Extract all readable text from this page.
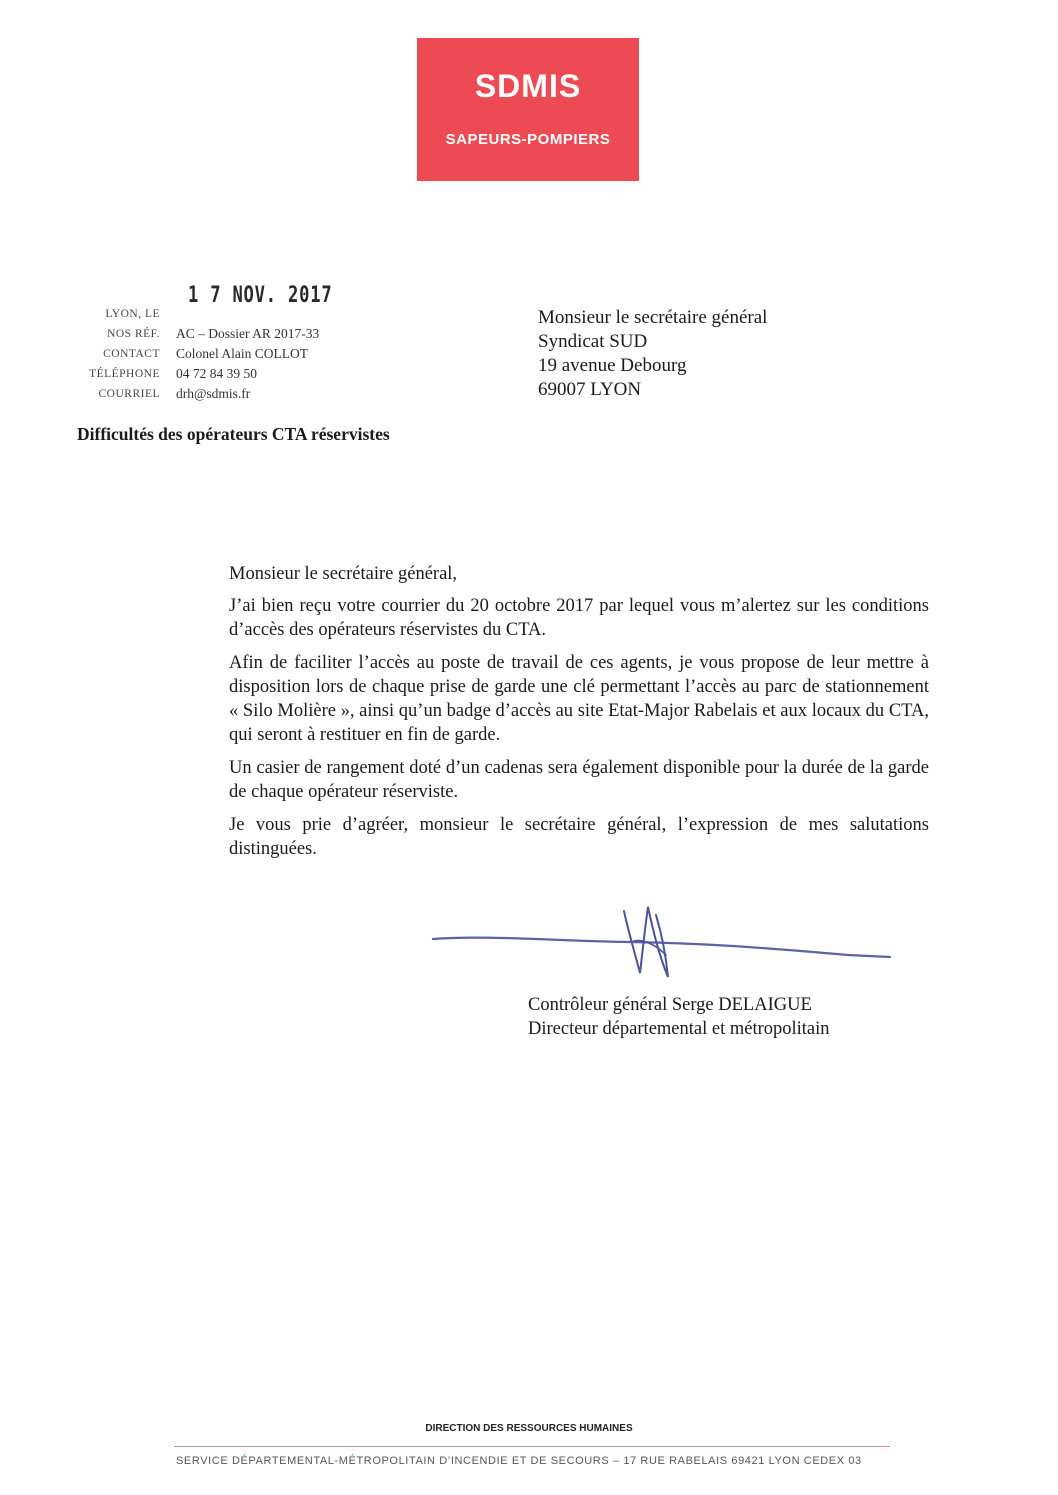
SDMIS
SAPEURS-POMPIERS
1 7 NOV. 2017
LYON, LE
NOS RÉF. AC – Dossier AR 2017-33
CONTACT Colonel Alain COLLOT
TÉLÉPHONE 04 72 84 39 50
COURRIEL drh@sdmis.fr
Monsieur le secrétaire général
Syndicat SUD
19 avenue Debourg
69007 LYON
Difficultés des opérateurs CTA réservistes

Monsieur le secrétaire général,

J’ai bien reçu votre courrier du 20 octobre 2017 par lequel vous m’alertez sur les conditions d’accès des opérateurs réservistes du CTA.

Afin de faciliter l’accès au poste de travail de ces agents, je vous propose de leur mettre à disposition lors de chaque prise de garde une clé permettant l’accès au parc de stationnement « Silo Molière », ainsi qu’un badge d’accès au site Etat-Major Rabelais et aux locaux du CTA, qui seront à restituer en fin de garde.

Un casier de rangement doté d’un cadenas sera également disponible pour la durée de la garde de chaque opérateur réserviste.

Je vous prie d’agréer, monsieur le secrétaire général, l’expression de mes salutations distinguées.

Contrôleur général Serge DELAIGUE
Directeur départemental et métropolitain
DIRECTION DES RESSOURCES HUMAINES
SERVICE DÉPARTEMENTAL-MÉTROPOLITAIN D’INCENDIE ET DE SECOURS – 17 RUE RABELAIS 69421 LYON CEDEX 03
